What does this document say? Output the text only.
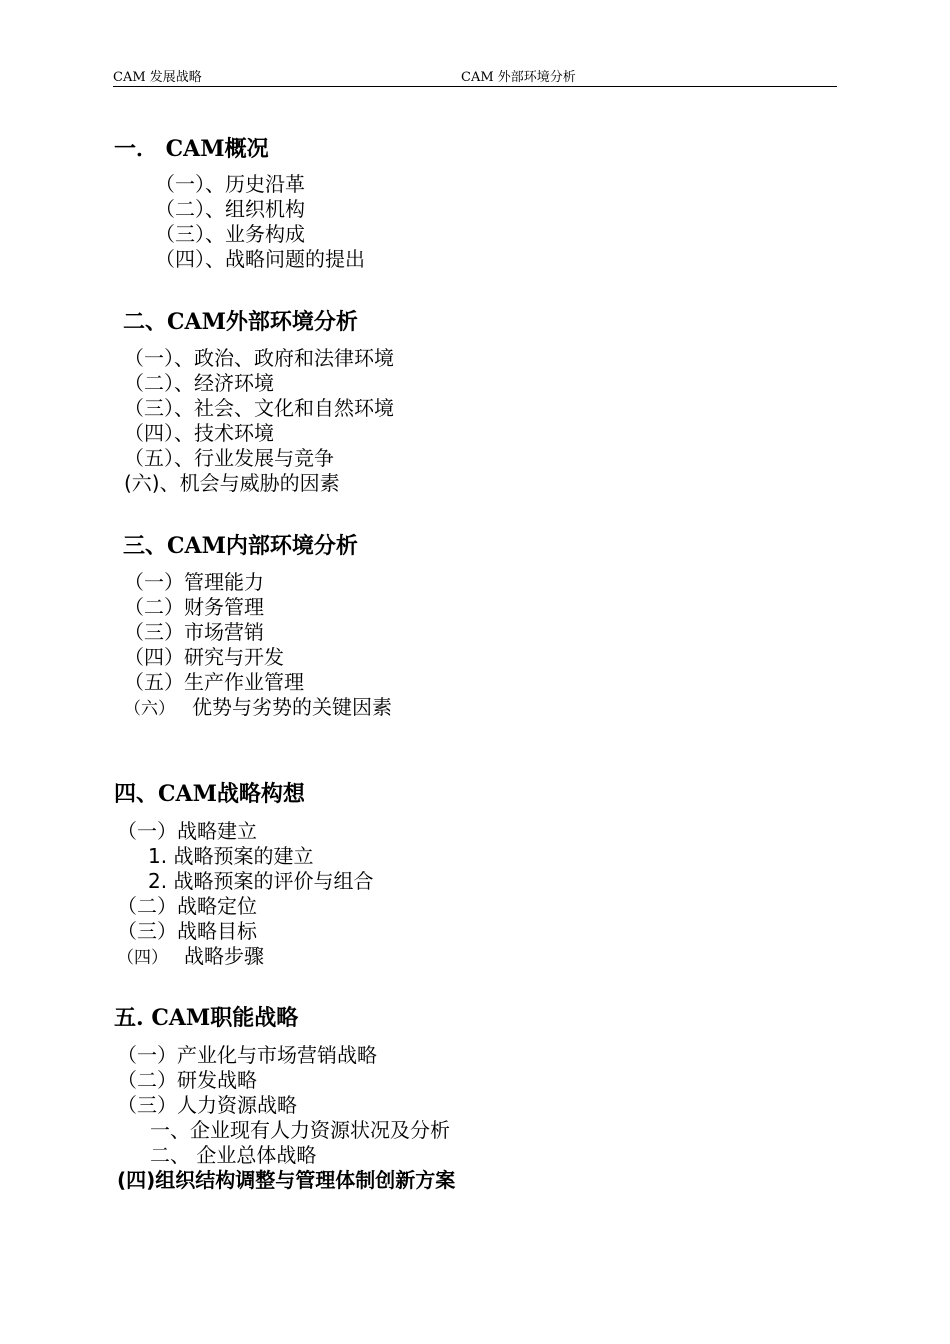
CAM 发展战略	CAM 外部环境分析
一． CAM概况
（一）、历史沿革
（二）、组织机构
（三）、业务构成
（四）、战略问题的提出
二、CAM外部环境分析
（一）、政治、政府和法律环境
（二）、经济环境
（三）、社会、文化和自然环境
（四）、技术环境
（五）、行业发展与竞争
(六)、机会与威胁的因素
三、CAM内部环境分析
（一）管理能力
（二）财务管理
（三）市场营销
（四）研究与开发
（五）生产作业管理
（六） 优势与劣势的关键因素
四、CAM战略构想
（一）战略建立
1. 战略预案的建立
2. 战略预案的评价与组合
（二）战略定位
（三）战略目标
（四） 战略步骤
五. CAM职能战略
（一）产业化与市场营销战略
（二）研发战略
（三）人力资源战略
一、企业现有人力资源状况及分析
二、 企业总体战略
(四)组织结构调整与管理体制创新方案
